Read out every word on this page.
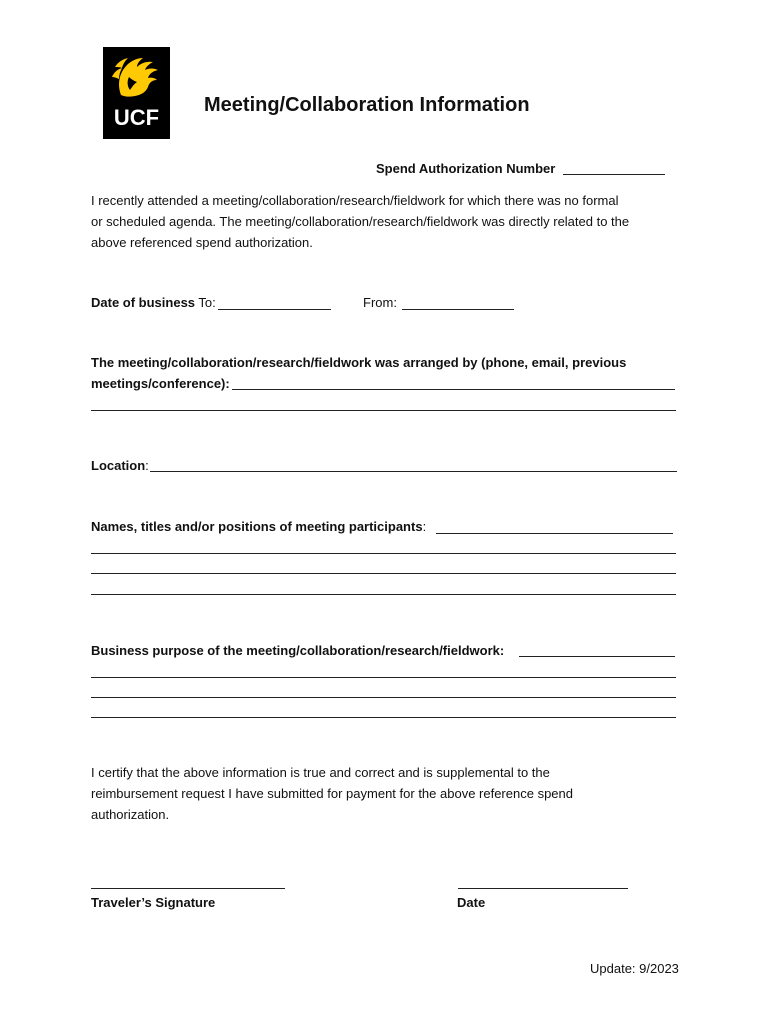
UCF	Meeting/Collaboration Information
Spend Authorization Number
I recently attended a meeting/collaboration/research/fieldwork for which there was no formal
or scheduled agenda. The meeting/collaboration/research/fieldwork was directly related to the
above referenced spend authorization.
Date of business To:	From:
The meeting/collaboration/research/fieldwork was arranged by (phone, email, previous
meetings/conference):
Location:
Names, titles and/or positions of meeting participants:
Business purpose of the meeting/collaboration/research/fieldwork:
I certify that the above information is true and correct and is supplemental to the
reimbursement request I have submitted for payment for the above reference spend
authorization.
Traveler’s Signature	Date
Update: 9/2023
